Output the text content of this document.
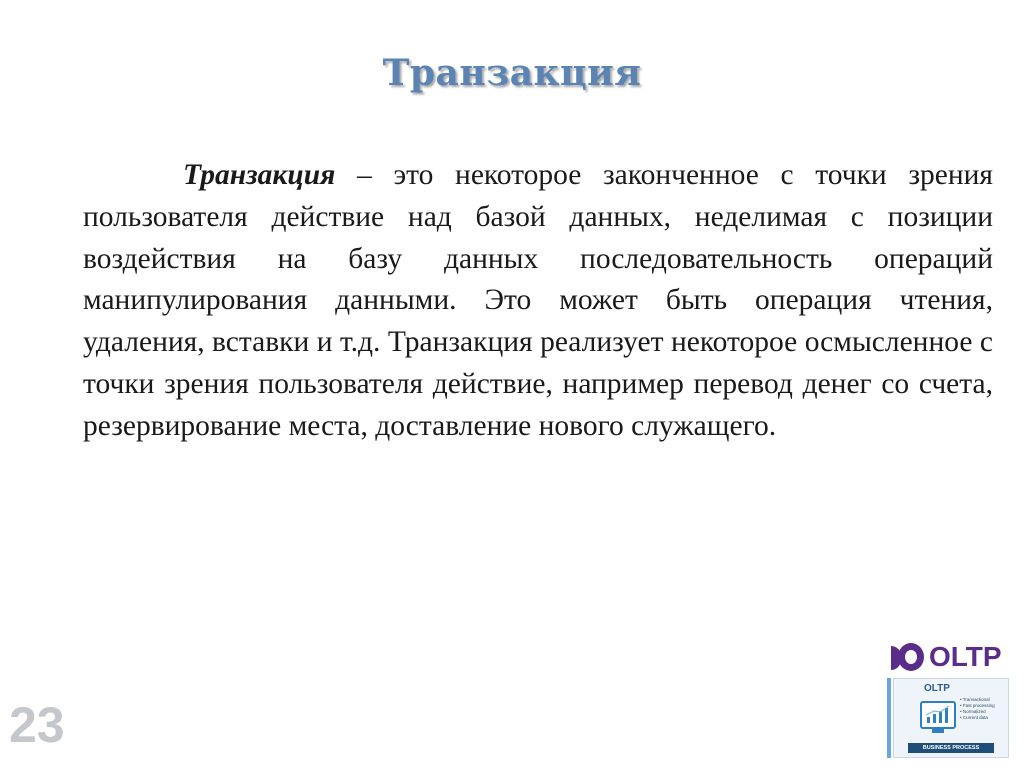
Транзакция

Транзакция – это некоторое законченное с точки зрения пользователя действие над базой данных, неделимая с позиции воздействия на базу данных последовательность операций манипулирования данными. Это может быть операция чтения, удаления, вставки и т.д. Транзакция реализует некоторое осмысленное с точки зрения пользователя действие, например перевод денег со счета, резервирование места, доставление нового служащего.

23
OLTP
OLTP
• Transactional
• Fast processing
• Normalized
• Current data
BUSINESS PROCESS
